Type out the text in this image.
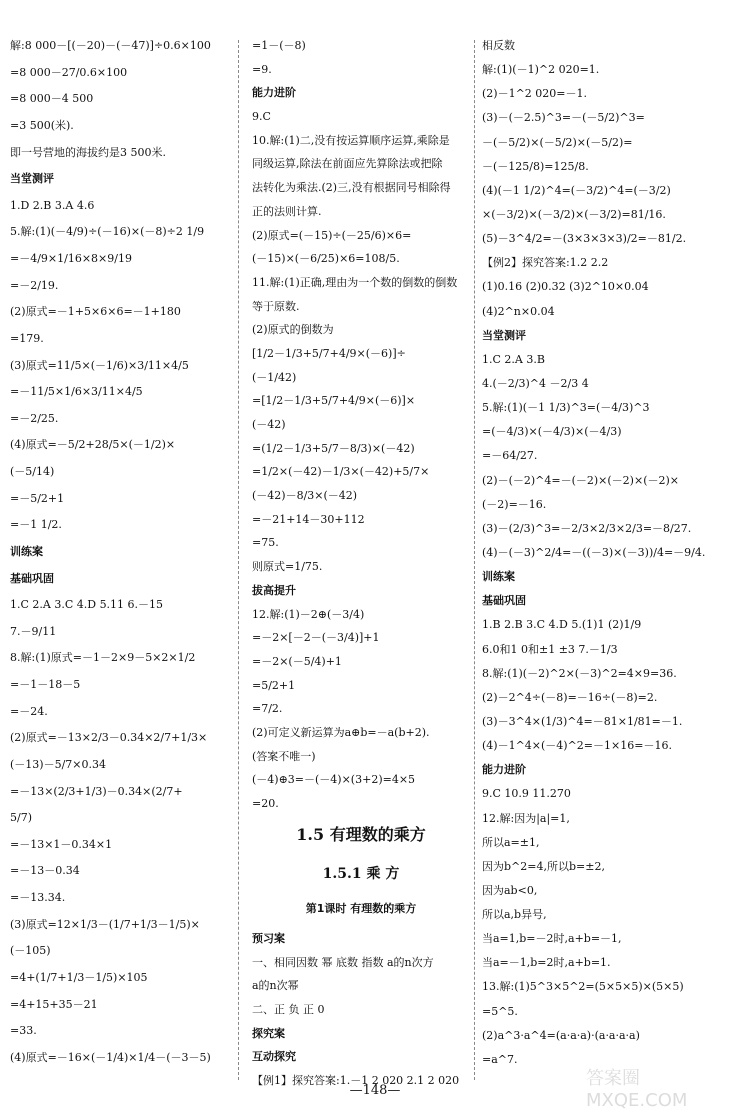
解:8 000－[(－20)－(－47)]÷0.6×100
=8 000－27/0.6×100
=8 000－4 500
=3 500(米).
即一号营地的海拔约是3 500米.
当堂测评
1.D 2.B 3.A 4.6
5.解:(1)(－4/9)÷(－16)×(－8)÷2 1/9
=－4/9×1/16×8×9/19
=－2/19.
(2)原式=－1+5×6×6=－1+180
=179.
(3)原式=11/5×(－1/6)×3/11×4/5
=－11/5×1/6×3/11×4/5
=－2/25.
(4)原式=－5/2+28/5×(－1/2)×
(－5/14)
=－5/2+1
=－1 1/2.
训练案
基础巩固
1.C 2.A 3.C 4.D 5.11 6.－15
7.－9/11
8.解:(1)原式=－1－2×9－5×2×1/2
=－1－18－5
=－24.
(2)原式=－13×2/3－0.34×2/7+1/3×
(－13)－5/7×0.34
=－13×(2/3+1/3)－0.34×(2/7+
5/7)
=－13×1－0.34×1
=－13－0.34
=－13.34.
(3)原式=12×1/3－(1/7+1/3－1/5)×
(－105)
=4+(1/7+1/3－1/5)×105
=4+15+35－21
=33.
(4)原式=－16×(－1/4)×1/4－(－3－5)
=1－(－8)
=9.
能力进阶
9.C
10.解:(1)二,没有按运算顺序运算,乘除是
同级运算,除法在前面应先算除法或把除
法转化为乘法.(2)三,没有根据同号相除得
正的法则计算.
(2)原式=(－15)÷(－25/6)×6=
(－15)×(－6/25)×6=108/5.
11.解:(1)正确,理由为一个数的倒数的倒数
等于原数.
(2)原式的倒数为
[1/2－1/3+5/7+4/9×(－6)]÷
(－1/42)
=[1/2－1/3+5/7+4/9×(－6)]×
(－42)
=(1/2－1/3+5/7－8/3)×(－42)
=1/2×(－42)－1/3×(－42)+5/7×
(－42)－8/3×(－42)
=－21+14－30+112
=75.
则原式=1/75.
拔高提升
12.解:(1)－2⊕(－3/4)
=－2×[－2－(－3/4)]+1
=－2×(－5/4)+1
=5/2+1
=7/2.
(2)可定义新运算为a⊕b=－a(b+2).
(答案不唯一)
(－4)⊕3=－(－4)×(3+2)=4×5
=20.
1.5 有理数的乘方
1.5.1 乘 方
第1课时 有理数的乘方
预习案
一、相同因数 幂 底数 指数 a的n次方
a的n次幂
二、正 负 正 0
探究案
互动探究
【例1】探究答案:1.－1 2 020 2.1 2 020
相反数
解:(1)(－1)^2 020=1.
(2)－1^2 020=－1.
(3)－(－2.5)^3=－(－5/2)^3=
－(－5/2)×(－5/2)×(－5/2)=
－(－125/8)=125/8.
(4)(－1 1/2)^4=(－3/2)^4=(－3/2)
×(－3/2)×(－3/2)×(－3/2)=81/16.
(5)－3^4/2=－(3×3×3×3)/2=－81/2.
【例2】探究答案:1.2 2.2
(1)0.16 (2)0.32 (3)2^10×0.04
(4)2^n×0.04
当堂测评
1.C 2.A 3.B
4.(－2/3)^4 －2/3 4
5.解:(1)(－1 1/3)^3=(－4/3)^3
=(－4/3)×(－4/3)×(－4/3)
=－64/27.
(2)－(－2)^4=－(－2)×(－2)×(－2)×
(－2)=－16.
(3)－(2/3)^3=－2/3×2/3×2/3=－8/27.
(4)－(－3)^2/4=－((－3)×(－3))/4=－9/4.
训练案
基础巩固
1.B 2.B 3.C 4.D 5.(1)1 (2)1/9
6.0和1 0和±1 ±3 7.－1/3
8.解:(1)(－2)^2×(－3)^2=4×9=36.
(2)－2^4÷(－8)=－16÷(－8)=2.
(3)－3^4×(1/3)^4=－81×1/81=－1.
(4)－1^4×(－4)^2=－1×16=－16.
能力进阶
9.C 10.9 11.270
12.解:因为|a|=1,
所以a=±1,
因为b^2=4,所以b=±2,
因为ab<0,
所以a,b异号,
当a=1,b=－2时,a+b=－1,
当a=－1,b=2时,a+b=1.
13.解:(1)5^3×5^2=(5×5×5)×(5×5)
=5^5.
(2)a^3·a^4=(a·a·a)·(a·a·a·a)
=a^7.
—148—
答案圈
MXQE.COM
